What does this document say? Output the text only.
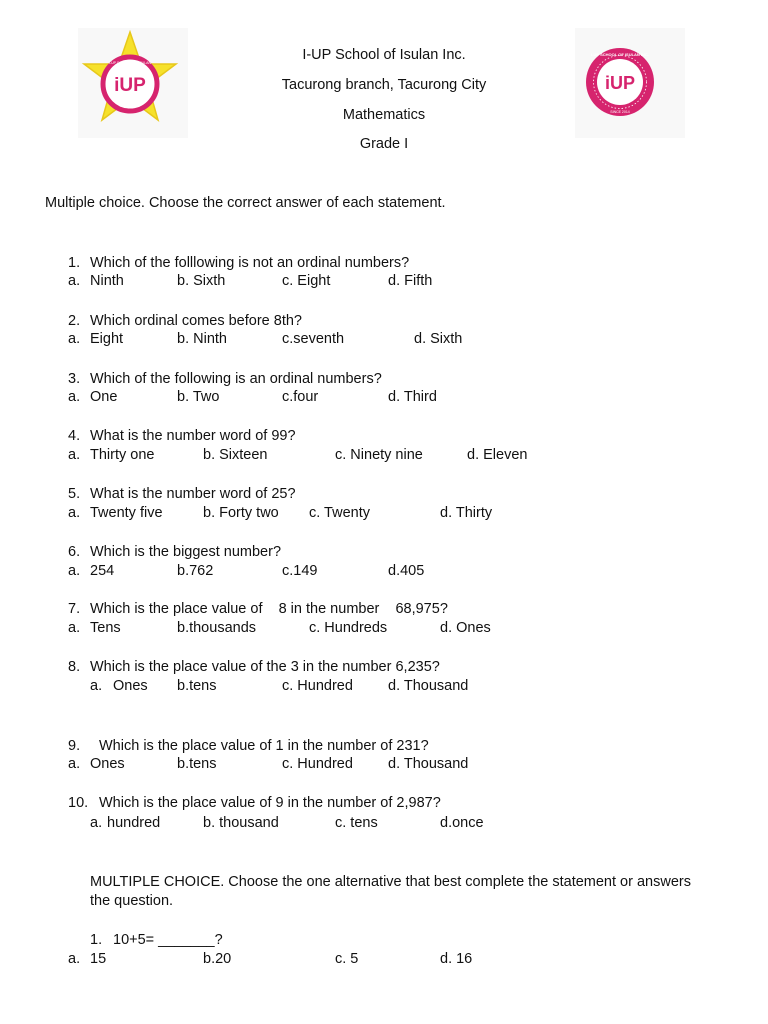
iUP
I-UP SCHOOL OF ISULAN
SINCE 2014
iUP
I-UP SCHOOL OF ISULAN INC.
SINCE 2014
I-UP School of Isulan Inc.
Tacurong branch, Tacurong City
Mathematics
Grade I
Multiple choice. Choose the correct answer of each statement.
1. Which of the folllowing is not an ordinal numbers?
a. Ninth	b. Sixth	c. Eight	d. Fifth
2. Which ordinal comes before 8th?
a. Eight	b. Ninth	c.seventh	d. Sixth
3. Which of the following is an ordinal numbers?
a. One	b. Two	c.four	d. Third
4. What is the number word of 99?
a. Thirty one	b. Sixteen	c. Ninety nine	d. Eleven
5. What is the number word of 25?
a. Twenty five	b. Forty two c. Twenty	d. Thirty
6. Which is the biggest number?
a. 254	b.762	c.149	d.405
7. Which is the place value of    8 in the number    68,975?
a. Tens	b.thousands	c. Hundreds	d. Ones
8. Which is the place value of the 3 in the number 6,235?
a. Ones b.tens	c. Hundred d. Thousand
9. Which is the place value of 1 in the number of 231?
a. Ones	b.tens	c. Hundred d. Thousand
10. Which is the place value of 9 in the number of 2,987?
a. hundred	b. thousand	c. tens	d.once
MULTIPLE CHOICE. Choose the one alternative that best complete the statement or answers
the question.
1. 10+5= _______?
a. 15	b.20	c. 5	d. 16
